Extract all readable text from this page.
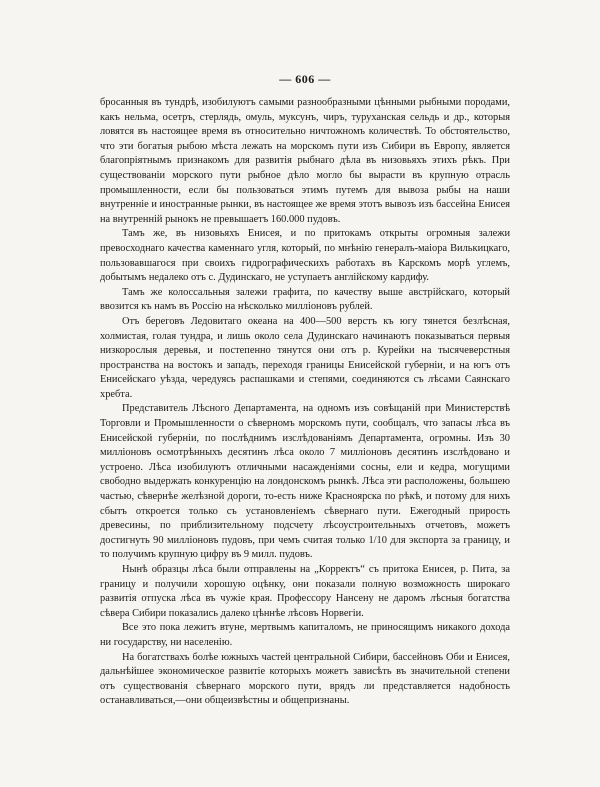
— 606 —

бросанныя въ тундрѣ, изобилуютъ самыми разнообразными цѣнными рыбными породами, какъ нельма, осетръ, стерлядь, омуль, муксунъ, чиръ, туруханская сельдь и др., которыя ловятся въ настоящее время въ относительно ничтожномъ количествѣ. То обстоятельство, что эти богатыя рыбою мѣста лежать на морскомъ пути изъ Сибири въ Европу, является благопріятнымъ признакомъ для развитія рыбнаго дѣла въ низовьяхъ этихъ рѣкъ. При существованіи морского пути рыбное дѣло могло бы вырасти въ крупную отрасль промышленности, если бы пользоваться этимъ путемъ для вывоза рыбы на наши внутренніе и иностранные рынки, въ настоящее же время этотъ вывозъ изъ бассейна Енисея на внутренній рынокъ не превышаетъ 160.000 пудовъ.

Тамъ же, въ низовьяхъ Енисея, и по притокамъ открыты огромныя залежи превосходнаго качества каменнаго угля, который, по мнѣнію генералъ-маіора Вилькицкаго, пользовавшагося при своихъ гидрографическихъ работахъ въ Карскомъ морѣ углемъ, добытымъ недалеко отъ с. Дудинскаго, не уступаетъ англійскому кардифу.

Тамъ же колоссальныя залежи графита, по качеству выше австрійскаго, который ввозится къ намъ въ Россію на нѣсколько милліоновъ рублей.

Отъ береговъ Ледовитаго океана на 400—500 верстъ къ югу тянется безлѣсная, холмистая, голая тундра, и лишь около села Дудинскаго начинаютъ показываться первыя низкорослыя деревья, и постепенно тянутся они отъ р. Курейки на тысячеверстныя пространства на востокъ и западъ, переходя границы Енисейской губерніи, и на югъ отъ Енисейскаго уѣзда, чередуясь распашками и степями, соединяются съ лѣсами Саянскаго хребта.

Представитель Лѣсного Департамента, на одномъ изъ совѣщаній при Министерствѣ Торговли и Промышленности о сѣверномъ морскомъ пути, сообщалъ, что запасы лѣса въ Енисейской губерніи, по послѣднимъ изслѣдованіямъ Департамента, огромны. Изъ 30 милліоновъ осмотрѣнныхъ десятинъ лѣса около 7 милліоновъ десятинъ изслѣдовано и устроено. Лѣса изобилуютъ отличными насажденіями сосны, ели и кедра, могущими свободно выдержать конкуренцію на лондонскомъ рынкѣ. Лѣса эти расположены, большею частью, сѣвернѣе желѣзной дороги, то-есть ниже Красноярска по рѣкѣ, и потому для нихъ сбытъ откроется только съ установленіемъ сѣвернаго пути. Ежегодный прирость древесины, по приблизительному подсчету лѣсоустроительныхъ отчетовъ, можетъ достигнуть 90 милліоновъ пудовъ, при чемъ считая только 1/10 для экспорта за границу, и то получимъ крупную цифру въ 9 милл. пудовъ.

Нынѣ образцы лѣса были отправлены на „Корректъ“ съ притока Енисея, р. Пита, за границу и получили хорошую оцѣнку, они показали полную возможность широкаго развитія отпуска лѣса въ чужіе края. Профессору Нансену не даромъ лѣсныя богатства сѣвера Сибири показались далеко цѣннѣе лѣсовъ Норвегіи.

Все это пока лежитъ втуне, мертвымъ капиталомъ, не приносящимъ никакого дохода ни государству, ни населенію.

На богатствахъ болѣе южныхъ частей центральной Сибири, бассейновъ Оби и Енисея, дальнѣйшее экономическое развитіе которыхъ можетъ зависѣть въ значительной степени отъ существованія сѣвернаго морского пути, врядъ ли представляется надобность останавливаться,—они общеизвѣстны и общепризнаны.
